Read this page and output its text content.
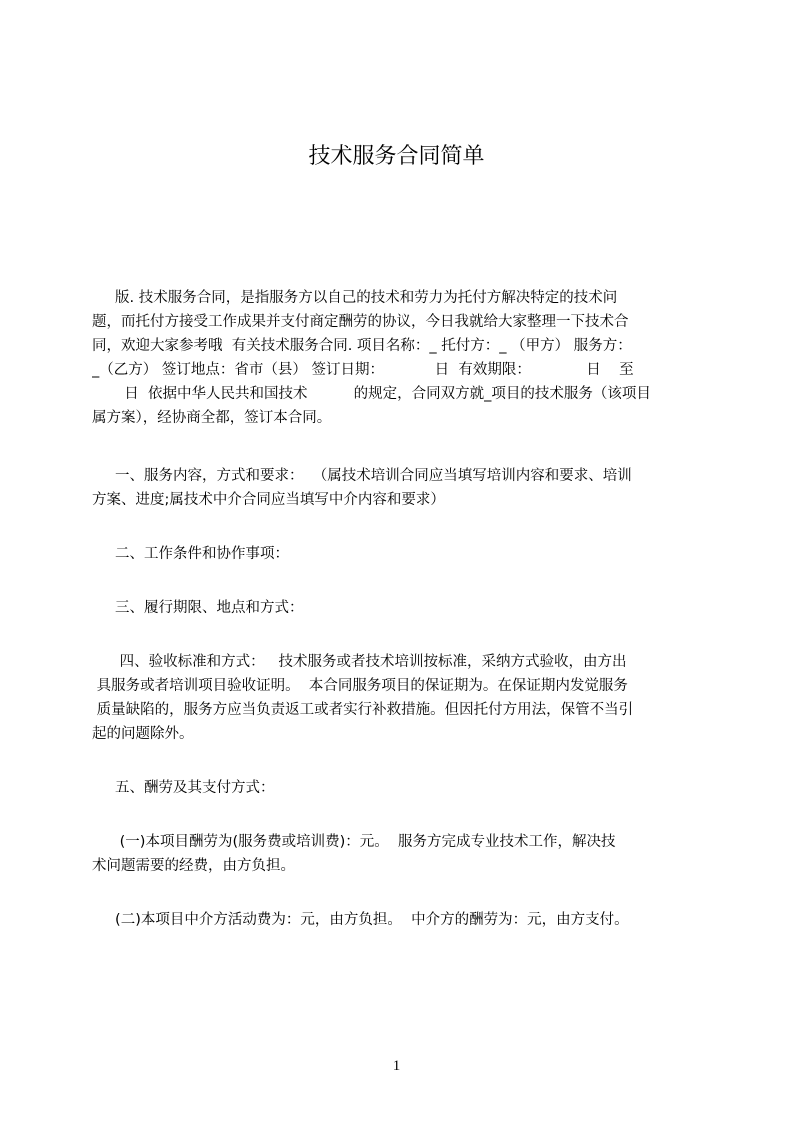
技术服务合同简单
版. 技术服务合同，是指服务方以自己的技术和劳力为托付方解决特定的技术问
题，而托付方接受工作成果并支付商定酬劳的协议，今日我就给大家整理一下技术合
同，欢迎大家参考哦  有关技术服务合同. 项目名称：_ 托付方：_ （甲方） 服务方：
_（乙方） 签订地点：省市（县） 签订日期：           日  有效期限：            日    至
日  依据中华人民共和国技术          的规定，合同双方就_项目的技术服务（该项目
属方案），经协商全都，签订本合同。
一、服务内容，方式和要求：  （属技术培训合同应当填写培训内容和要求、培训
方案、进度;属技术中介合同应当填写中介内容和要求）
二、工作条件和协作事项：
三、履行期限、地点和方式：
四、验收标准和方式：   技术服务或者技术培训按标准，采纳方式验收，由方出
具服务或者培训项目验收证明。  本合同服务项目的保证期为。在保证期内发觉服务
质量缺陷的，服务方应当负责返工或者实行补救措施。但因托付方用法，保管不当引
起的问题除外。
五、酬劳及其支付方式：
(一)本项目酬劳为(服务费或培训费)：元。  服务方完成专业技术工作，解决技
术问题需要的经费，由方负担。
(二)本项目中介方活动费为：元，由方负担。  中介方的酬劳为：元，由方支付。
1
